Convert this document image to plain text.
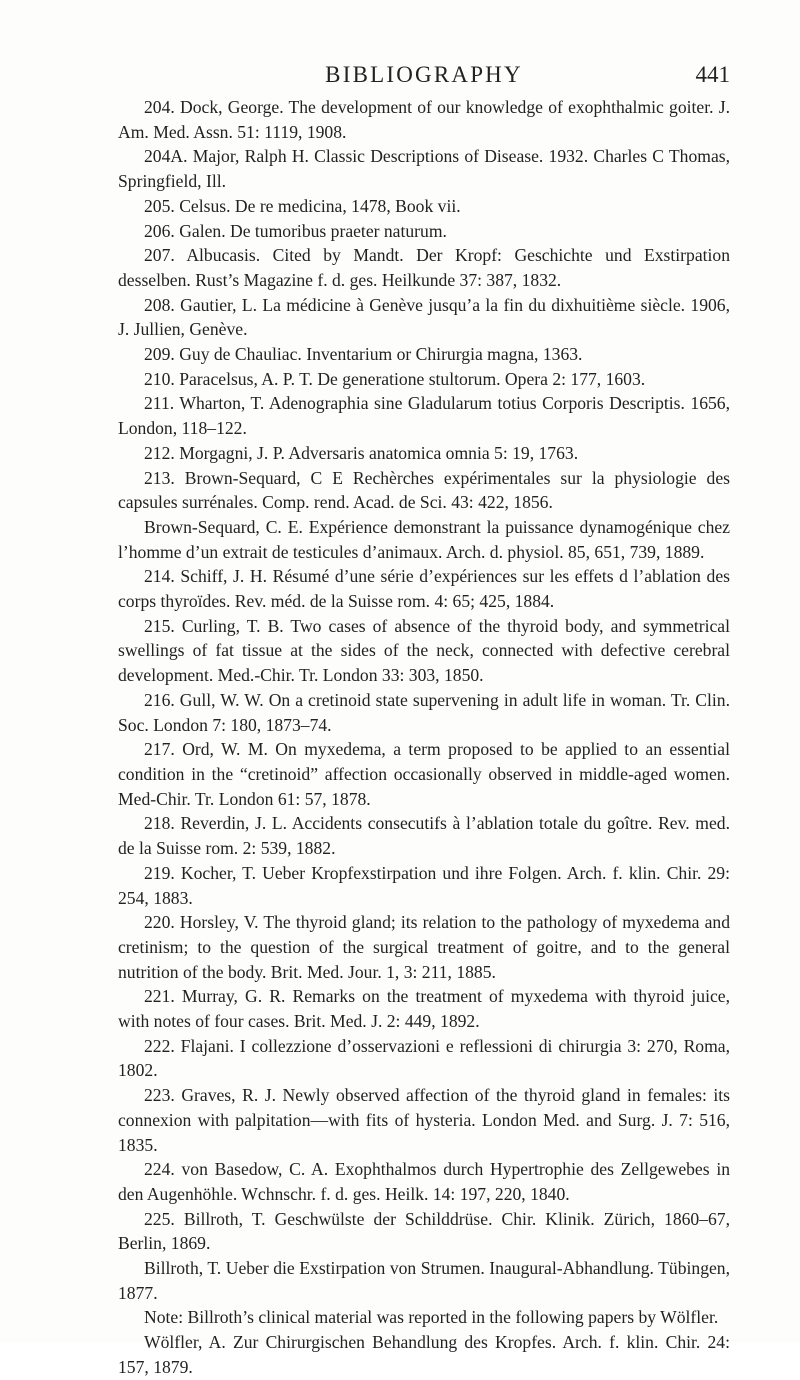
BIBLIOGRAPHY	441

204. Dock, George. The development of our knowledge of exophthalmic goiter. J. Am. Med. Assn. 51: 1119, 1908.

204A. Major, Ralph H. Classic Descriptions of Disease. 1932. Charles C Thomas, Springfield, Ill.

205. Celsus. De re medicina, 1478, Book vii.

206. Galen. De tumoribus praeter naturum.

207. Albucasis. Cited by Mandt. Der Kropf: Geschichte und Exstirpation desselben. Rust’s Magazine f. d. ges. Heilkunde 37: 387, 1832.

208. Gautier, L. La médicine à Genève jusqu’a la fin du dixhuitième siècle. 1906, J. Jullien, Genève.

209. Guy de Chauliac. Inventarium or Chirurgia magna, 1363.

210. Paracelsus, A. P. T. De generatione stultorum. Opera 2: 177, 1603.

211. Wharton, T. Adenographia sine Gladularum totius Corporis Descriptis. 1656, London, 118–122.

212. Morgagni, J. P. Adversaris anatomica omnia 5: 19, 1763.

213. Brown-Sequard, C E Rechèrches expérimentales sur la physiologie des capsules surrénales. Comp. rend. Acad. de Sci. 43: 422, 1856.

Brown-Sequard, C. E. Expérience demonstrant la puissance dynamogénique chez l’homme d’un extrait de testicules d’animaux. Arch. d. physiol. 85, 651, 739, 1889.

214. Schiff, J. H. Résumé d’une série d’expériences sur les effets d l’ablation des corps thyroïdes. Rev. méd. de la Suisse rom. 4: 65; 425, 1884.

215. Curling, T. B. Two cases of absence of the thyroid body, and symmetrical swellings of fat tissue at the sides of the neck, connected with defective cerebral development. Med.-Chir. Tr. London 33: 303, 1850.

216. Gull, W. W. On a cretinoid state supervening in adult life in woman. Tr. Clin. Soc. London 7: 180, 1873–74.

217. Ord, W. M. On myxedema, a term proposed to be applied to an essential condition in the “cretinoid” affection occasionally observed in middle-aged women. Med-Chir. Tr. London 61: 57, 1878.

218. Reverdin, J. L. Accidents consecutifs à l’ablation totale du goître. Rev. med. de la Suisse rom. 2: 539, 1882.

219. Kocher, T. Ueber Kropfexstirpation und ihre Folgen. Arch. f. klin. Chir. 29: 254, 1883.

220. Horsley, V. The thyroid gland; its relation to the pathology of myxedema and cretinism; to the question of the surgical treatment of goitre, and to the general nutrition of the body. Brit. Med. Jour. 1, 3: 211, 1885.

221. Murray, G. R. Remarks on the treatment of myxedema with thyroid juice, with notes of four cases. Brit. Med. J. 2: 449, 1892.

222. Flajani. I collezzione d’osservazioni e reflessioni di chirurgia 3: 270, Roma, 1802.

223. Graves, R. J. Newly observed affection of the thyroid gland in females: its connexion with palpitation—with fits of hysteria. London Med. and Surg. J. 7: 516, 1835.

224. von Basedow, C. A. Exophthalmos durch Hypertrophie des Zellgewebes in den Augenhöhle. Wchnschr. f. d. ges. Heilk. 14: 197, 220, 1840.

225. Billroth, T. Geschwülste der Schilddrüse. Chir. Klinik. Zürich, 1860–67, Berlin, 1869.

Billroth, T. Ueber die Exstirpation von Strumen. Inaugural-Abhandlung. Tübingen, 1877.

Note: Billroth’s clinical material was reported in the following papers by Wölfler.

Wölfler, A. Zur Chirurgischen Behandlung des Kropfes. Arch. f. klin. Chir. 24: 157, 1879.
